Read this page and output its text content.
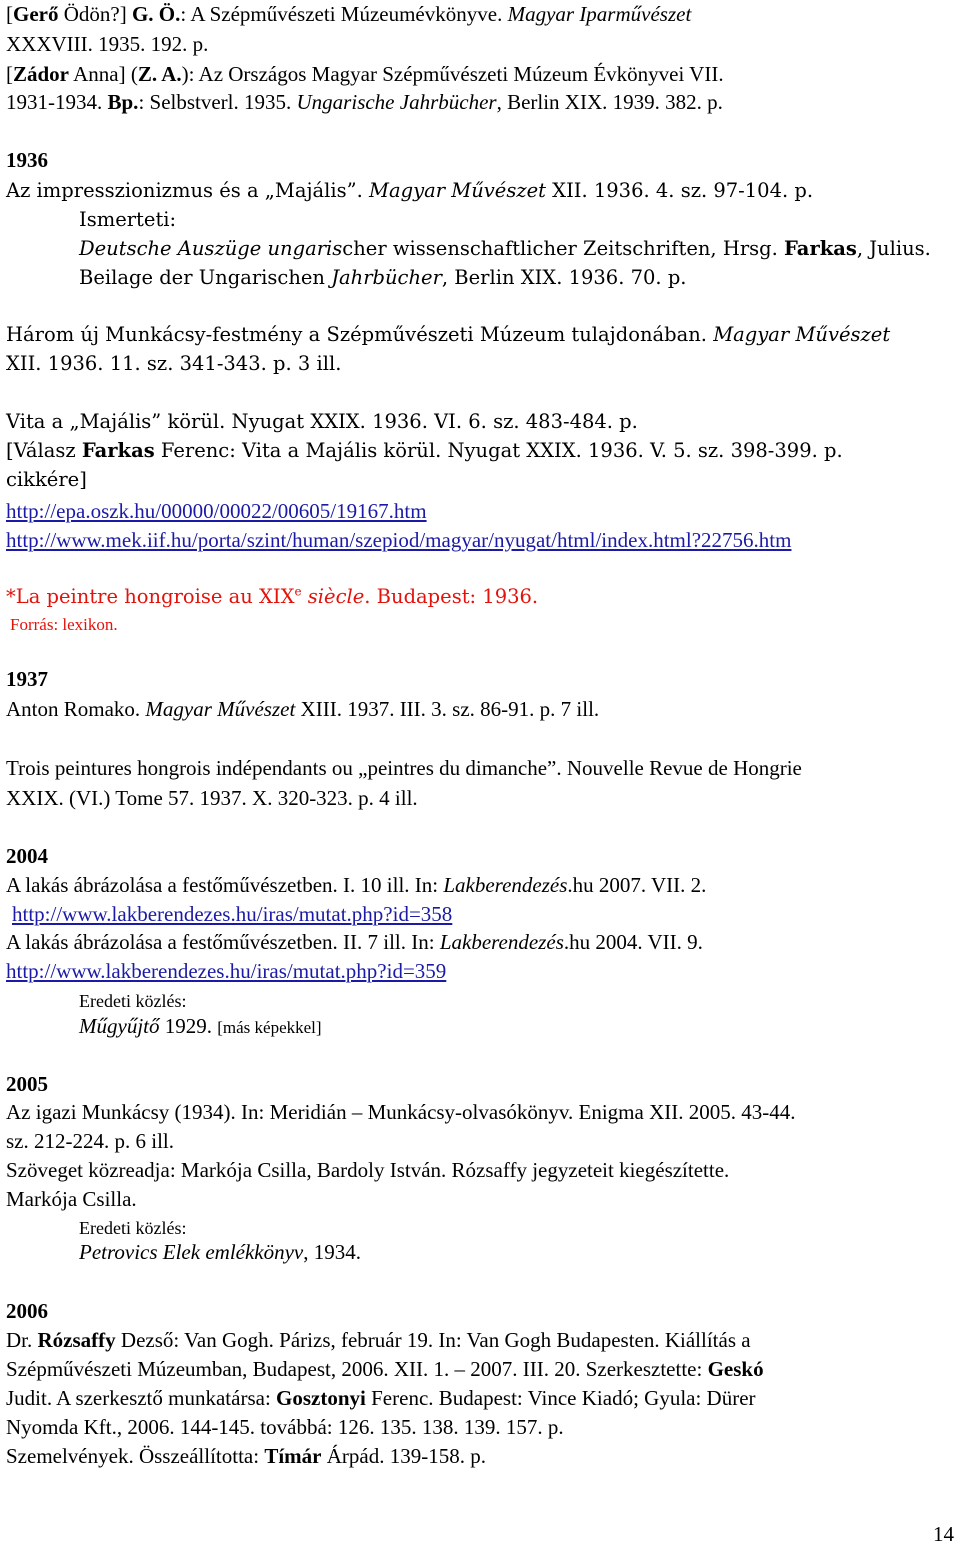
[Gerő Ödön?] G. Ö.: A Szépművészeti Múzeumévkönyve. Magyar Iparművészet
XXXVIII. 1935. 192. p.
[Zádor Anna] (Z. A.): Az Országos Magyar Szépművészeti Múzeum Évkönyvei VII.
1931-1934. Bp.: Selbstverl. 1935. Ungarische Jahrbücher, Berlin XIX. 1939. 382. p.
1936
Az impresszionizmus és a „Majális”. Magyar Művészet XII. 1936. 4. sz. 97-104. p.
Ismerteti:
Deutsche Auszüge ungarischer wissenschaftlicher Zeitschriften, Hrsg. Farkas, Julius.
Beilage der Ungarischen Jahrbücher, Berlin XIX. 1936. 70. p.
Három új Munkácsy-festmény a Szépművészeti Múzeum tulajdonában. Magyar Művészet
XII. 1936. 11. sz. 341-343. p. 3 ill.
Vita a „Majális” körül. Nyugat XXIX. 1936. VI. 6. sz. 483-484. p.
[Válasz Farkas Ferenc: Vita a Majális körül. Nyugat XXIX. 1936. V. 5. sz. 398-399. p.
cikkére]
http://epa.oszk.hu/00000/00022/00605/19167.htm
http://www.mek.iif.hu/porta/szint/human/szepiod/magyar/nyugat/html/index.html?22756.htm
*La peintre hongroise au XIXe siècle. Budapest: 1936.
Forrás: lexikon.
1937
Anton Romako. Magyar Művészet XIII. 1937. III. 3. sz. 86-91. p. 7 ill.
Trois peintures hongrois indépendants ou „peintres du dimanche”. Nouvelle Revue de Hongrie
XXIX. (VI.) Tome 57. 1937. X. 320-323. p. 4 ill.
2004
A lakás ábrázolása a festőművészetben. I. 10 ill. In: Lakberendezés.hu 2007. VII. 2.
http://www.lakberendezes.hu/iras/mutat.php?id=358
A lakás ábrázolása a festőművészetben. II. 7 ill. In: Lakberendezés.hu 2004. VII. 9.
http://www.lakberendezes.hu/iras/mutat.php?id=359
Eredeti közlés:
Műgyűjtő 1929. [más képekkel]
2005
Az igazi Munkácsy (1934). In: Meridián – Munkácsy-olvasókönyv. Enigma XII. 2005. 43-44.
sz. 212-224. p. 6 ill.
Szöveget közreadja: Markója Csilla, Bardoly István. Rózsaffy jegyzeteit kiegészítette.
Markója Csilla.
Eredeti közlés:
Petrovics Elek emlékkönyv, 1934.
2006
Dr. Rózsaffy Dezső: Van Gogh. Párizs, február 19. In: Van Gogh Budapesten. Kiállítás a
Szépművészeti Múzeumban, Budapest, 2006. XII. 1. – 2007. III. 20. Szerkesztette: Geskó
Judit. A szerkesztő munkatársa: Gosztonyi Ferenc. Budapest: Vince Kiadó; Gyula: Dürer
Nyomda Kft., 2006. 144-145. továbbá: 126. 135. 138. 139. 157. p.
Szemelvények. Összeállította: Tímár Árpád. 139-158. p.
14
